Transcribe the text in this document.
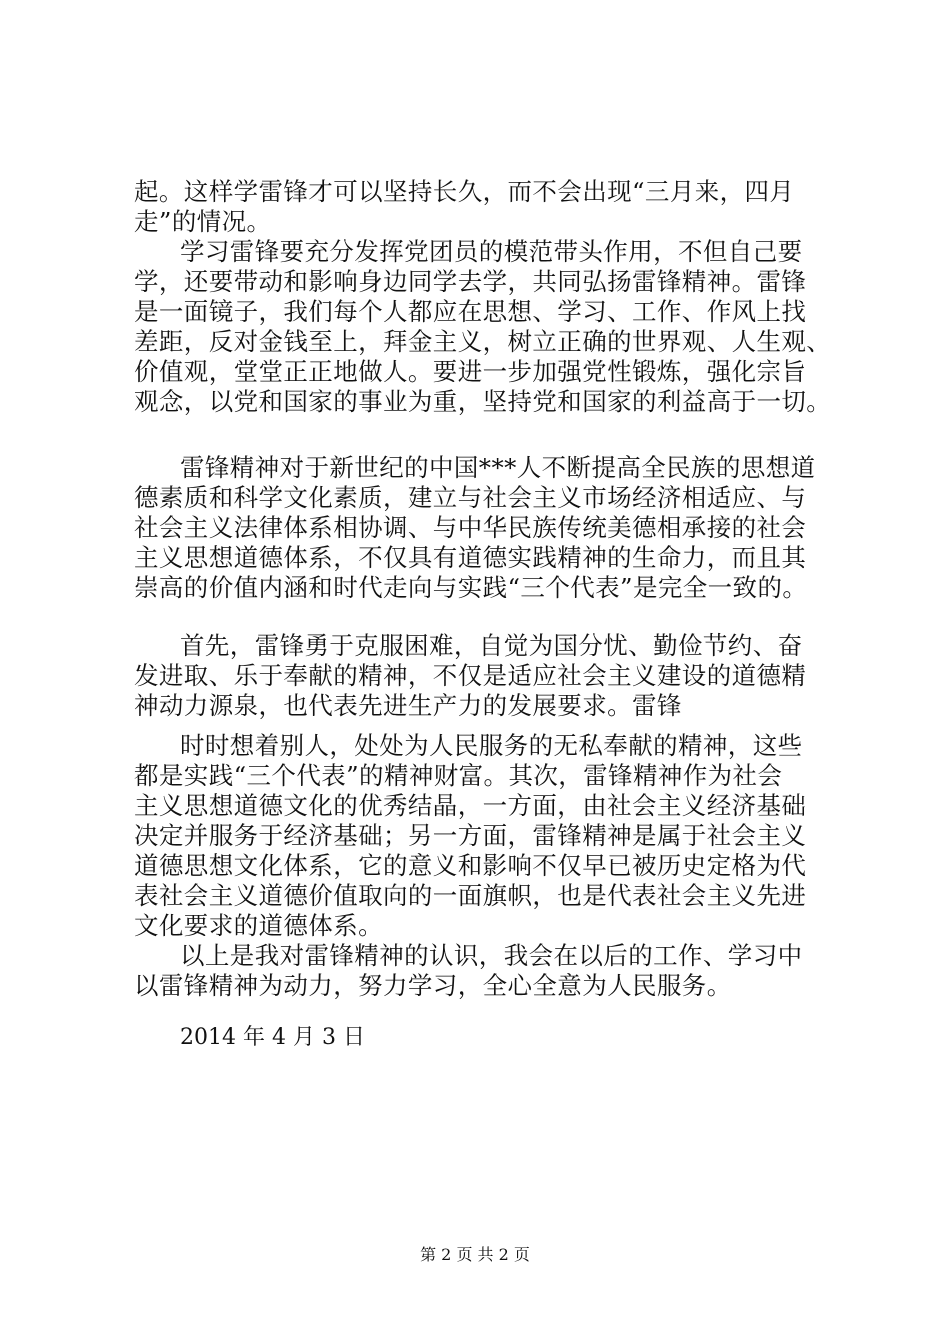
起。这样学雷锋才可以坚持长久，而不会出现“三月来，四月

走”的情况。

学习雷锋要充分发挥党团员的模范带头作用，不但自己要

学，还要带动和影响身边同学去学，共同弘扬雷锋精神。雷锋

是一面镜子，我们每个人都应在思想、学习、工作、作风上找

差距，反对金钱至上，拜金主义，树立正确的世界观、人生观、

价值观，堂堂正正地做人。要进一步加强党性锻炼，强化宗旨

观念，以党和国家的事业为重，坚持党和国家的利益高于一切。

雷锋精神对于新世纪的中国***人不断提高全民族的思想道

德素质和科学文化素质，建立与社会主义市场经济相适应、与

社会主义法律体系相协调、与中华民族传统美德相承接的社会

主义思想道德体系，不仅具有道德实践精神的生命力，而且其

崇高的价值内涵和时代走向与实践“三个代表”是完全一致的。

首先，雷锋勇于克服困难，自觉为国分忧、勤俭节约、奋

发进取、乐于奉献的精神，不仅是适应社会主义建设的道德精

神动力源泉，也代表先进生产力的发展要求。雷锋

时时想着别人，处处为人民服务的无私奉献的精神，这些

都是实践“三个代表”的精神财富。其次，雷锋精神作为社会

主义思想道德文化的优秀结晶，一方面，由社会主义经济基础

决定并服务于经济基础；另一方面，雷锋精神是属于社会主义

道德思想文化体系，它的意义和影响不仅早已被历史定格为代

表社会主义道德价值取向的一面旗帜，也是代表社会主义先进

文化要求的道德体系。

以上是我对雷锋精神的认识，我会在以后的工作、学习中

以雷锋精神为动力，努力学习，全心全意为人民服务。

2014 年 4 月 3 日
第 2 页 共 2 页
